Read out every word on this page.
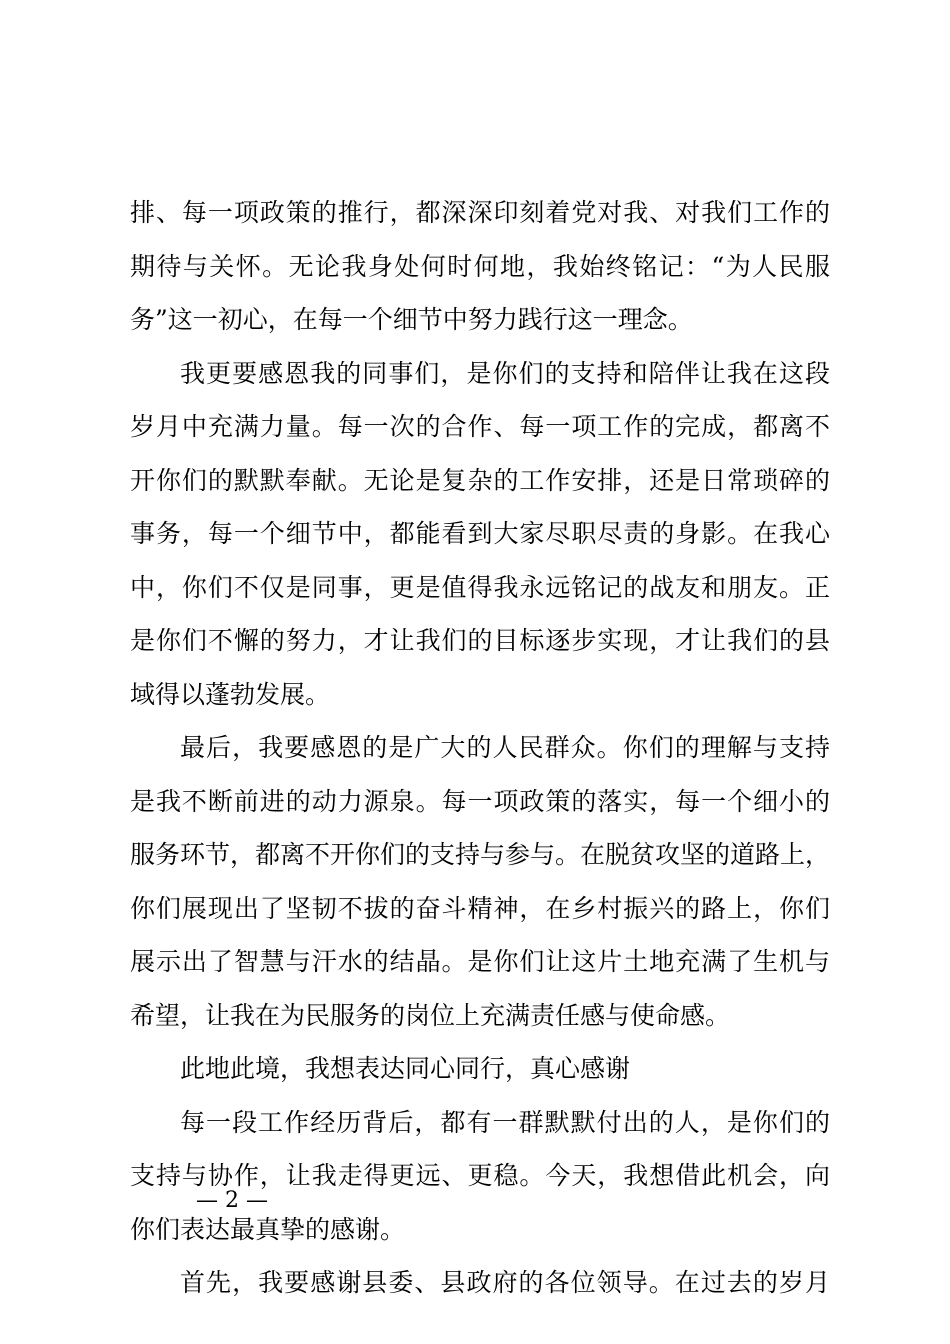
排、每一项政策的推行，都深深印刻着党对我、对我们工作的
期待与关怀。无论我身处何时何地，我始终铭记：“为人民服
务”这一初心，在每一个细节中努力践行这一理念。
我更要感恩我的同事们，是你们的支持和陪伴让我在这段
岁月中充满力量。每一次的合作、每一项工作的完成，都离不
开你们的默默奉献。无论是复杂的工作安排，还是日常琐碎的
事务，每一个细节中，都能看到大家尽职尽责的身影。在我心
中，你们不仅是同事，更是值得我永远铭记的战友和朋友。正
是你们不懈的努力，才让我们的目标逐步实现，才让我们的县
域得以蓬勃发展。
最后，我要感恩的是广大的人民群众。你们的理解与支持
是我不断前进的动力源泉。每一项政策的落实，每一个细小的
服务环节，都离不开你们的支持与参与。在脱贫攻坚的道路上，
你们展现出了坚韧不拔的奋斗精神，在乡村振兴的路上，你们
展示出了智慧与汗水的结晶。是你们让这片土地充满了生机与
希望，让我在为民服务的岗位上充满责任感与使命感。
此地此境，我想表达同心同行，真心感谢
每一段工作经历背后，都有一群默默付出的人，是你们的
支持与协作，让我走得更远、更稳。今天，我想借此机会，向
你们表达最真挚的感谢。
首先，我要感谢县委、县政府的各位领导。在过去的岁月
— 2 —
